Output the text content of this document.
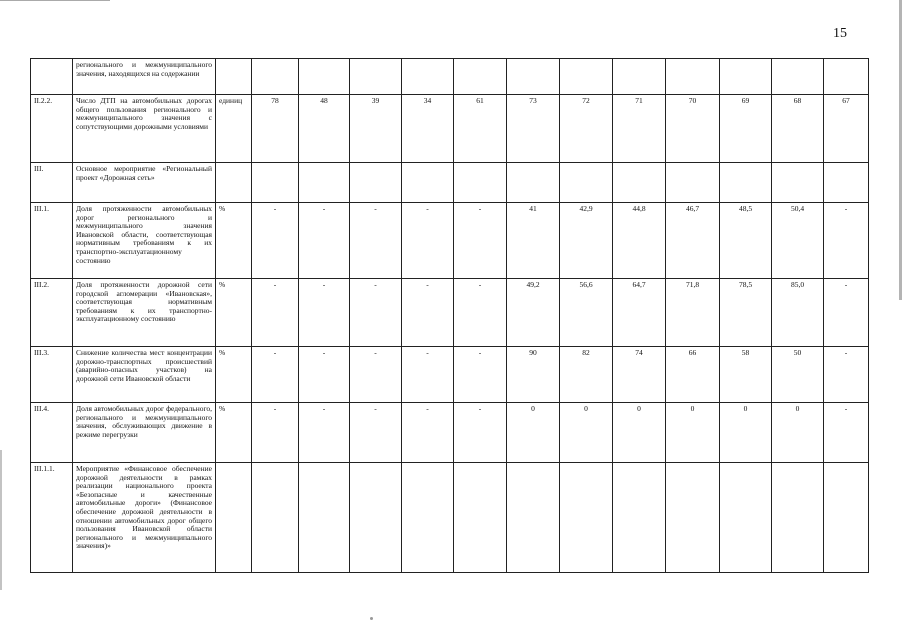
15
	регионального и межмуниципального значения, находящихся на содержании													
II.2.2.	Число ДТП на автомобильных дорогах общего пользования регионального и межмуниципального значения с сопутствующими дорожными условиями	единиц	78	48	39	34	61	73	72	71	70	69	68	67
III.	Основное мероприятие «Региональный проект «Дорожная сеть»													
III.1.	Доля протяженности автомобильных дорог регионального и межмуниципального значения Ивановской области, соответствующая нормативным требованиям к их транспортно-эксплуатационному состоянию	%	-	-	-	-	-	41	42,9	44,8	46,7	48,5	50,4	-
III.2.	Доля протяженности дорожной сети городской агломерации «Ивановская», соответствующая нормативным требованиям к их транспортно-эксплуатационному состоянию	%	-	-	-	-	-	49,2	56,6	64,7	71,8	78,5	85,0	-
III.3.	Снижение количества мест концентрации дорожно-транспортных происшествий (аварийно-опасных участков) на дорожной сети Ивановской области	%	-	-	-	-	-	90	82	74	66	58	50	-
III.4.	Доля автомобильных дорог федерального, регионального и межмуниципального значения, обслуживающих движение в режиме перегрузки	%	-	-	-	-	-	0	0	0	0	0	0	-
III.1.1.	Мероприятие «Финансовое обеспечение дорожной деятельности в рамках реализации национального проекта «Безопасные и качественные автомобильные дороги» (Финансовое обеспечение дорожной деятельности в отношении автомобильных дорог общего пользования Ивановской области регионального и межмуниципального значения)»													
